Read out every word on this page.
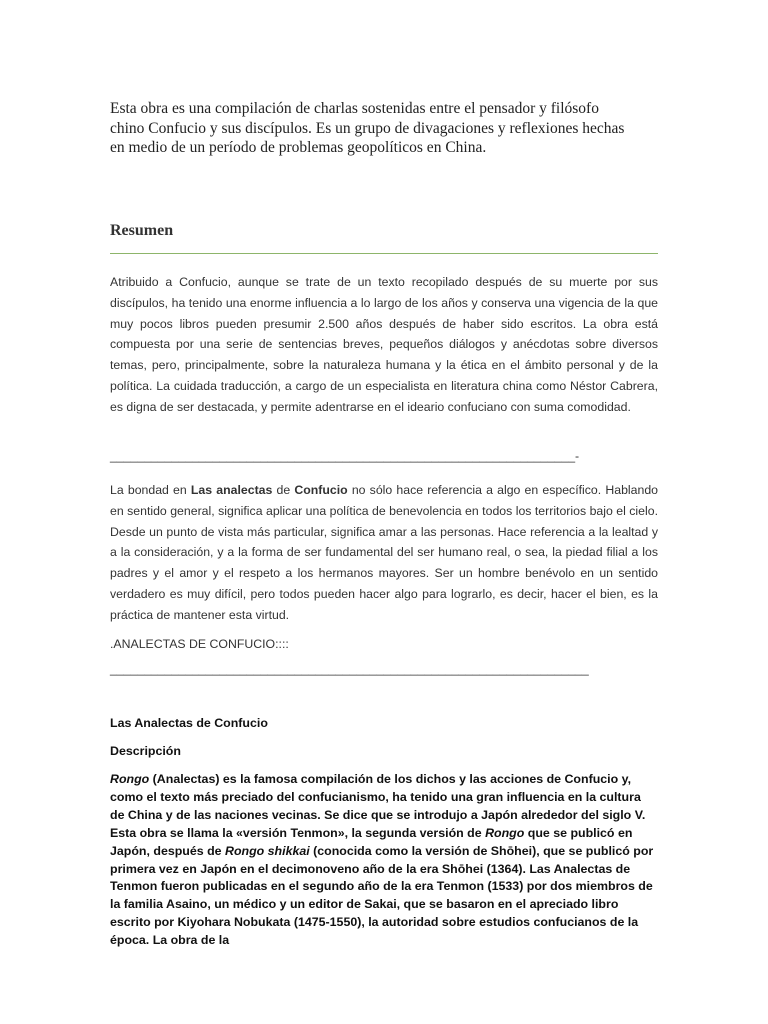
Esta obra es una compilación de charlas sostenidas entre el pensador y filósofo chino Confucio y sus discípulos. Es un grupo de divagaciones y reflexiones hechas en medio de un período de problemas geopolíticos en China.

Resumen

Atribuido a Confucio, aunque se trate de un texto recopilado después de su muerte por sus discípulos, ha tenido una enorme influencia a lo largo de los años y conserva una vigencia de la que muy pocos libros pueden presumir 2.500 años después de haber sido escritos. La obra está compuesta por una serie de sentencias breves, pequeños diálogos y anécdotas sobre diversos temas, pero, principalmente, sobre la naturaleza humana y la ética en el ámbito personal y de la política. La cuidada traducción, a cargo de un especialista en literatura china como Néstor Cabrera, es digna de ser destacada, y permite adentrarse en el ideario confuciano con suma comodidad.

____________________________________________________________________-

La bondad en Las analectas de Confucio no sólo hace referencia a algo en específico. Hablando en sentido general, significa aplicar una política de benevolencia en todos los territorios bajo el cielo. Desde un punto de vista más particular, significa amar a las personas. Hace referencia a la lealtad y a la consideración, y a la forma de ser fundamental del ser humano real, o sea, la piedad filial a los padres y el amor y el respeto a los hermanos mayores. Ser un hombre benévolo en un sentido verdadero es muy difícil, pero todos pueden hacer algo para lograrlo, es decir, hacer el bien, es la práctica de mantener esta virtud.

.ANALECTAS DE CONFUCIO::::

______________________________________________________________________

Las Analectas de Confucio

Descripción

Rongo (Analectas) es la famosa compilación de los dichos y las acciones de Confucio y, como el texto más preciado del confucianismo, ha tenido una gran influencia en la cultura de China y de las naciones vecinas. Se dice que se introdujo a Japón alrededor del siglo V. Esta obra se llama la «versión Tenmon», la segunda versión de Rongo que se publicó en Japón, después de Rongo shikkai (conocida como la versión de Shōhei), que se publicó por primera vez en Japón en el decimonoveno año de la era Shōhei (1364). Las Analectas de Tenmon fueron publicadas en el segundo año de la era Tenmon (1533) por dos miembros de la familia Asaino, un médico y un editor de Sakai, que se basaron en el apreciado libro escrito por Kiyohara Nobukata (1475-1550), la autoridad sobre estudios confucianos de la época. La obra de la
